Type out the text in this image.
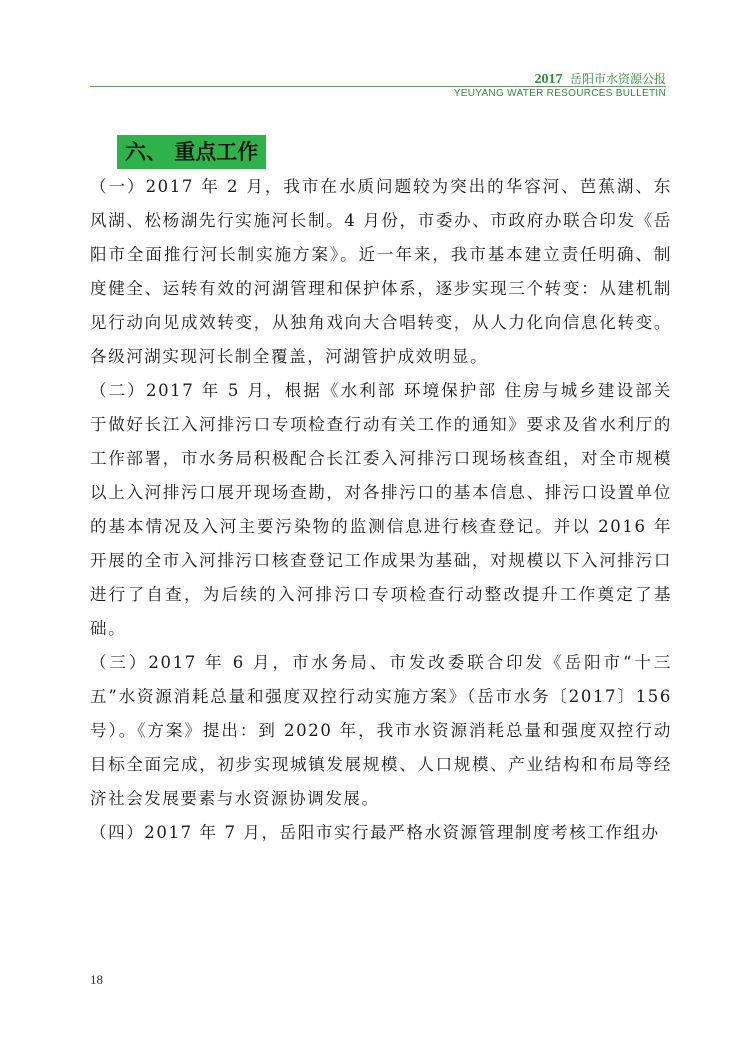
2017 岳阳市水资源公报
YEUYANG WATER RESOURCES BULLETIN
六、 重点工作

（一）2017 年 2 月，我市在水质问题较为突出的华容河、芭蕉湖、东风湖、松杨湖先行实施河长制。4 月份，市委办、市政府办联合印发《岳阳市全面推行河长制实施方案》。近一年来，我市基本建立责任明确、制度健全、运转有效的河湖管理和保护体系，逐步实现三个转变：从建机制见行动向见成效转变，从独角戏向大合唱转变，从人力化向信息化转变。各级河湖实现河长制全覆盖，河湖管护成效明显。

（二）2017 年 5 月，根据《水利部 环境保护部 住房与城乡建设部关于做好长江入河排污口专项检查行动有关工作的通知》要求及省水利厅的工作部署，市水务局积极配合长江委入河排污口现场核查组，对全市规模以上入河排污口展开现场查勘，对各排污口的基本信息、排污口设置单位的基本情况及入河主要污染物的监测信息进行核查登记。并以 2016 年开展的全市入河排污口核查登记工作成果为基础，对规模以下入河排污口进行了自查，为后续的入河排污口专项检查行动整改提升工作奠定了基础。

（三）2017 年 6 月，市水务局、市发改委联合印发《岳阳市“十三五”水资源消耗总量和强度双控行动实施方案》（岳市水务〔2017〕156 号）。《方案》提出：到 2020 年，我市水资源消耗总量和强度双控行动目标全面完成，初步实现城镇发展规模、人口规模、产业结构和布局等经济社会发展要素与水资源协调发展。

（四）2017 年 7 月，岳阳市实行最严格水资源管理制度考核工作组办

18
